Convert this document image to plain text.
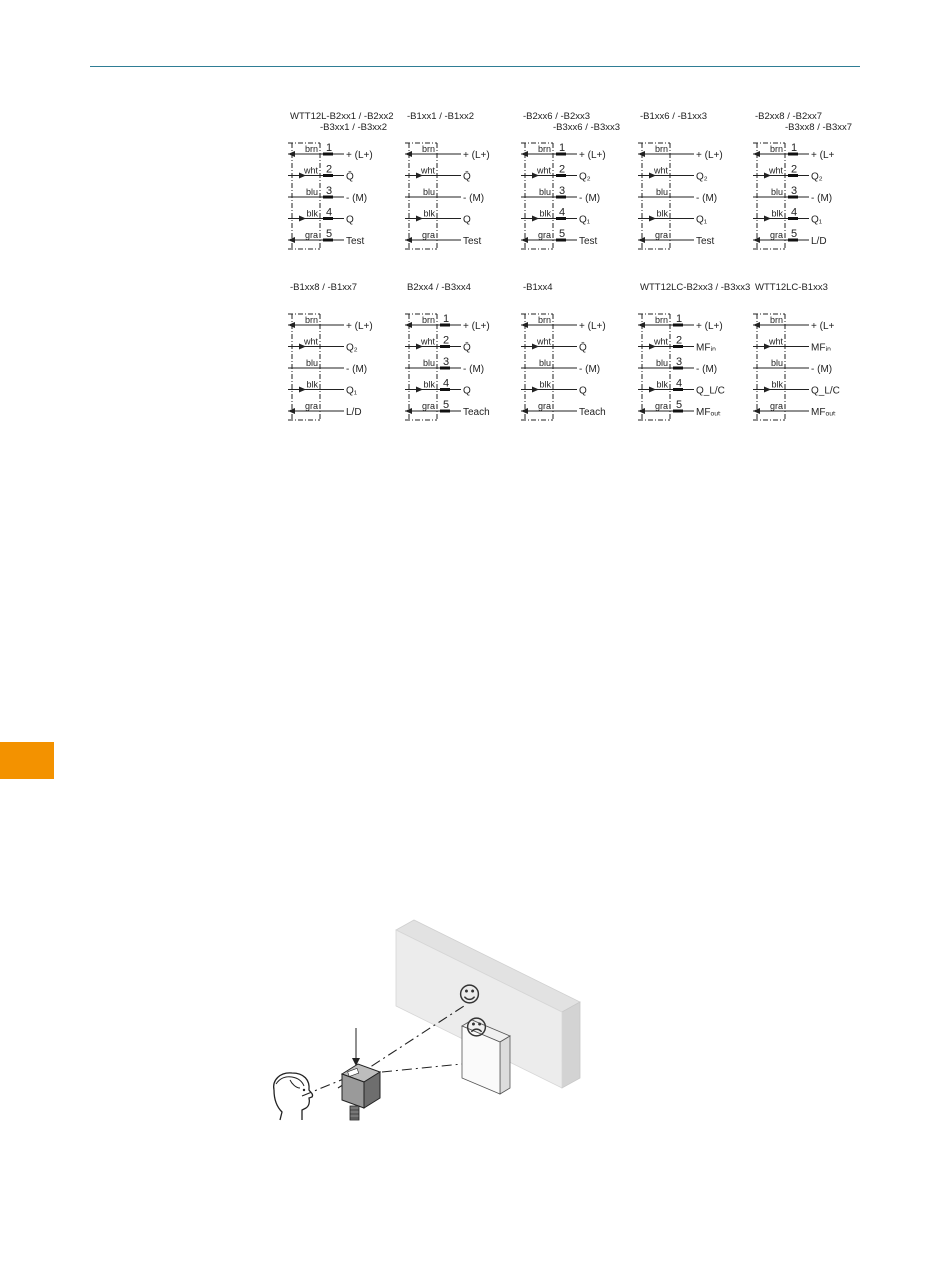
WTT12L-B2xx1 / -B2xx2
-B3xx1 / -B3xx2
brn 1
+ (L+)
wht 2
Q̄
blu 3
- (M)
blk 4
Q
gra 5
Test
-B1xx1 / -B1xx2
brn
+ (L+)
wht
Q̄
blu
- (M)
blk
Q
gra
Test
-B2xx6 / -B2xx3
-B3xx6 / -B3xx3
brn 1
+ (L+)
wht 2
Q₂
blu 3
- (M)
blk 4
Q₁
gra 5
Test
-B1xx6 / -B1xx3
brn
+ (L+)
wht
Q₂
blu
- (M)
blk
Q₁
gra
Test
-B2xx8 / -B2xx7
-B3xx8 / -B3xx7
brn 1
+ (L+
wht 2
Q₂
blu 3
- (M)
blk 4
Q₁
gra 5
L/D
-B1xx8 / -B1xx7
brn
+ (L+)
wht
Q₂
blu
- (M)
blk
Q₁
gra
L/D
B2xx4 / -B3xx4
brn 1
+ (L+)
wht 2
Q̄
blu 3
- (M)
blk 4
Q
gra 5
Teach
-B1xx4
brn
+ (L+)
wht
Q̄
blu
- (M)
blk
Q
gra
Teach
WTT12LC-B2xx3 / -B3xx3
brn 1
+ (L+)
wht 2
MFᵢₙ
blu 3
- (M)
blk 4
Q_L/C
gra 5
MFₒᵤₜ
WTT12LC-B1xx3
brn
+ (L+
wht
MFᵢₙ
blu
- (M)
blk
Q_L/C
gra
MFₒᵤₜ
☺
☹
